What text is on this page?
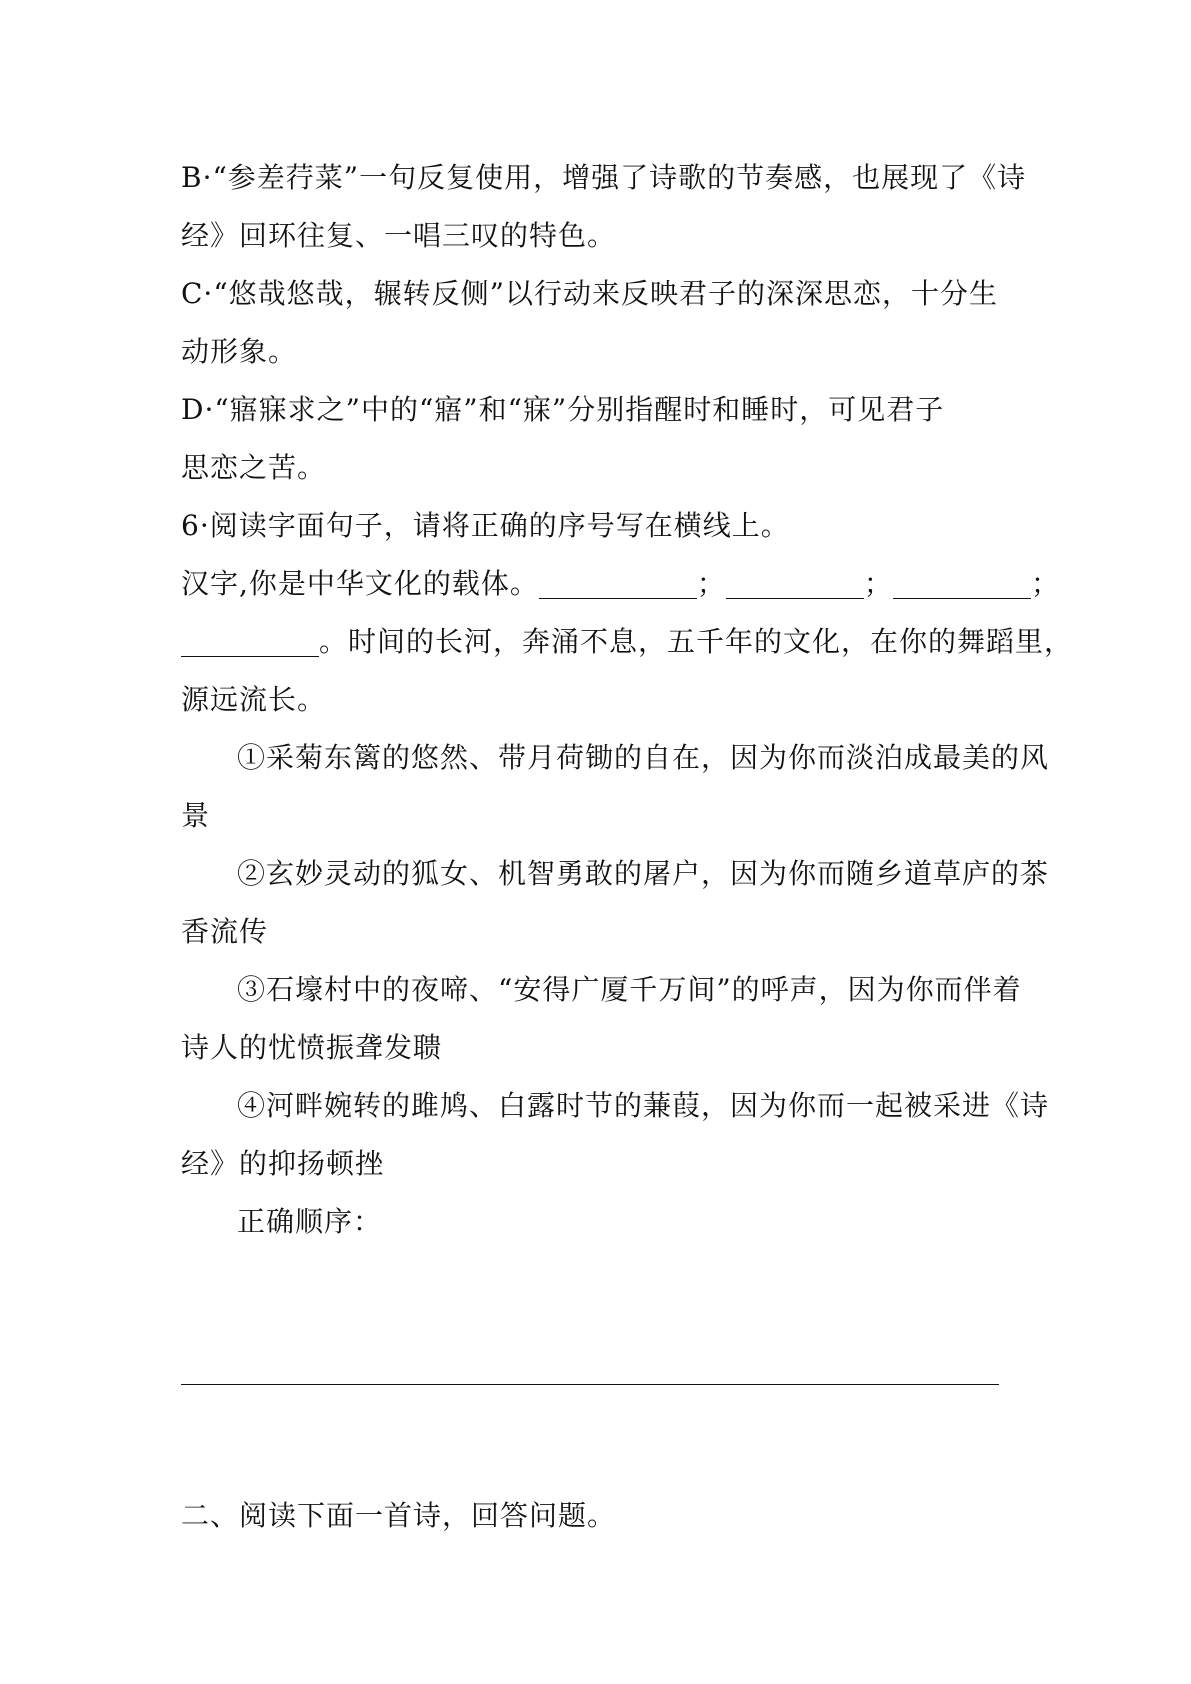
B·“参差荇菜”一句反复使用，增强了诗歌的节奏感，也展现了《诗
经》回环往复、一唱三叹的特色。
C·“悠哉悠哉，辗转反侧”以行动来反映君子的深深思恋，十分生
动形象。
D·“寤寐求之”中的“寤”和“寐”分别指醒时和睡时，可见君子
思恋之苦。
6·阅读字面句子，请将正确的序号写在横线上。
汉字,你是中华文化的载体。	；	；	；
。时间的长河，奔涌不息，五千年的文化，在你的舞蹈里，
源远流长。
①采菊东篱的悠然、带月荷锄的自在，因为你而淡泊成最美的风
景
②玄妙灵动的狐女、机智勇敢的屠户，因为你而随乡道草庐的茶
香流传
③石壕村中的夜啼、“安得广厦千万间”的呼声，因为你而伴着
诗人的忧愤振聋发聩
④河畔婉转的雎鸠、白露时节的蒹葭，因为你而一起被采进《诗
经》的抑扬顿挫
正确顺序：
二、阅读下面一首诗，回答问题。
